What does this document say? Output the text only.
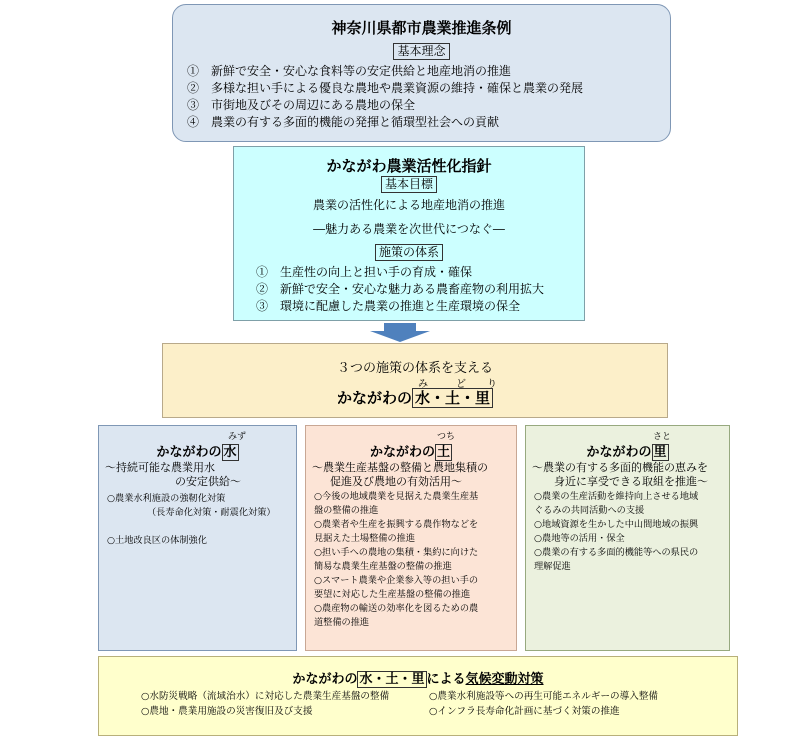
神奈川県都市農業推進条例
基本理念
①　新鮮で安全・安心な食料等の安定供給と地産地消の推進
②　多様な担い手による優良な農地や農業資源の維持・確保と農業の発展
③　市街地及びその周辺にある農地の保全
④　農業の有する多面的機能の発揮と循環型社会への貢献
かながわ農業活性化指針
基本目標
農業の活性化による地産地消の推進
―魅力ある農業を次世代につなぐ―
施策の体系
①　生産性の向上と担い手の育成・確保
②　新鮮で安全・安心な魅力ある農畜産物の利用拡大
③　環境に配慮した農業の推進と生産環境の保全
３つの施策の体系を支える
み	ど り
かながわの 水・土・里
みず
かながわの 水
～持続可能な農業用水
の安定供給～
○農業水利施設の強靭化対策
（長寿命化対策・耐震化対策）
○土地改良区の体制強化
つち
かながわの 土
～農業生産基盤の整備と農地集積の
促進及び農地の有効活用～
○今後の地域農業を見据えた農業生産基
盤の整備の推進
○農業者や生産を振興する農作物などを
見据えた土場整備の推進
○担い手への農地の集積・集約に向けた
簡易な農業生産基盤の整備の推進
○スマート農業や企業参入等の担い手の
要望に対応した生産基盤の整備の推進
○農産物の輸送の効率化を図るための農
道整備の推進
さと
かながわの 里
～農業の有する多面的機能の恵みを
身近に享受できる取組を推進～
○農業の生産活動を維持向上させる地域
ぐるみの共同活動への支援
○地域資源を生かした中山間地域の振興
○農地等の活用・保全
○農業の有する多面的機能等への県民の
理解促進
かながわの 水・土・里 による気候変動対策
○水防災戦略（流域治水）に対応した農業生産基盤の整備
○農地・農業用施設の災害復旧及び支援
○農業水利施設等への再生可能エネルギーの導入整備
○インフラ長寿命化計画に基づく対策の推進
